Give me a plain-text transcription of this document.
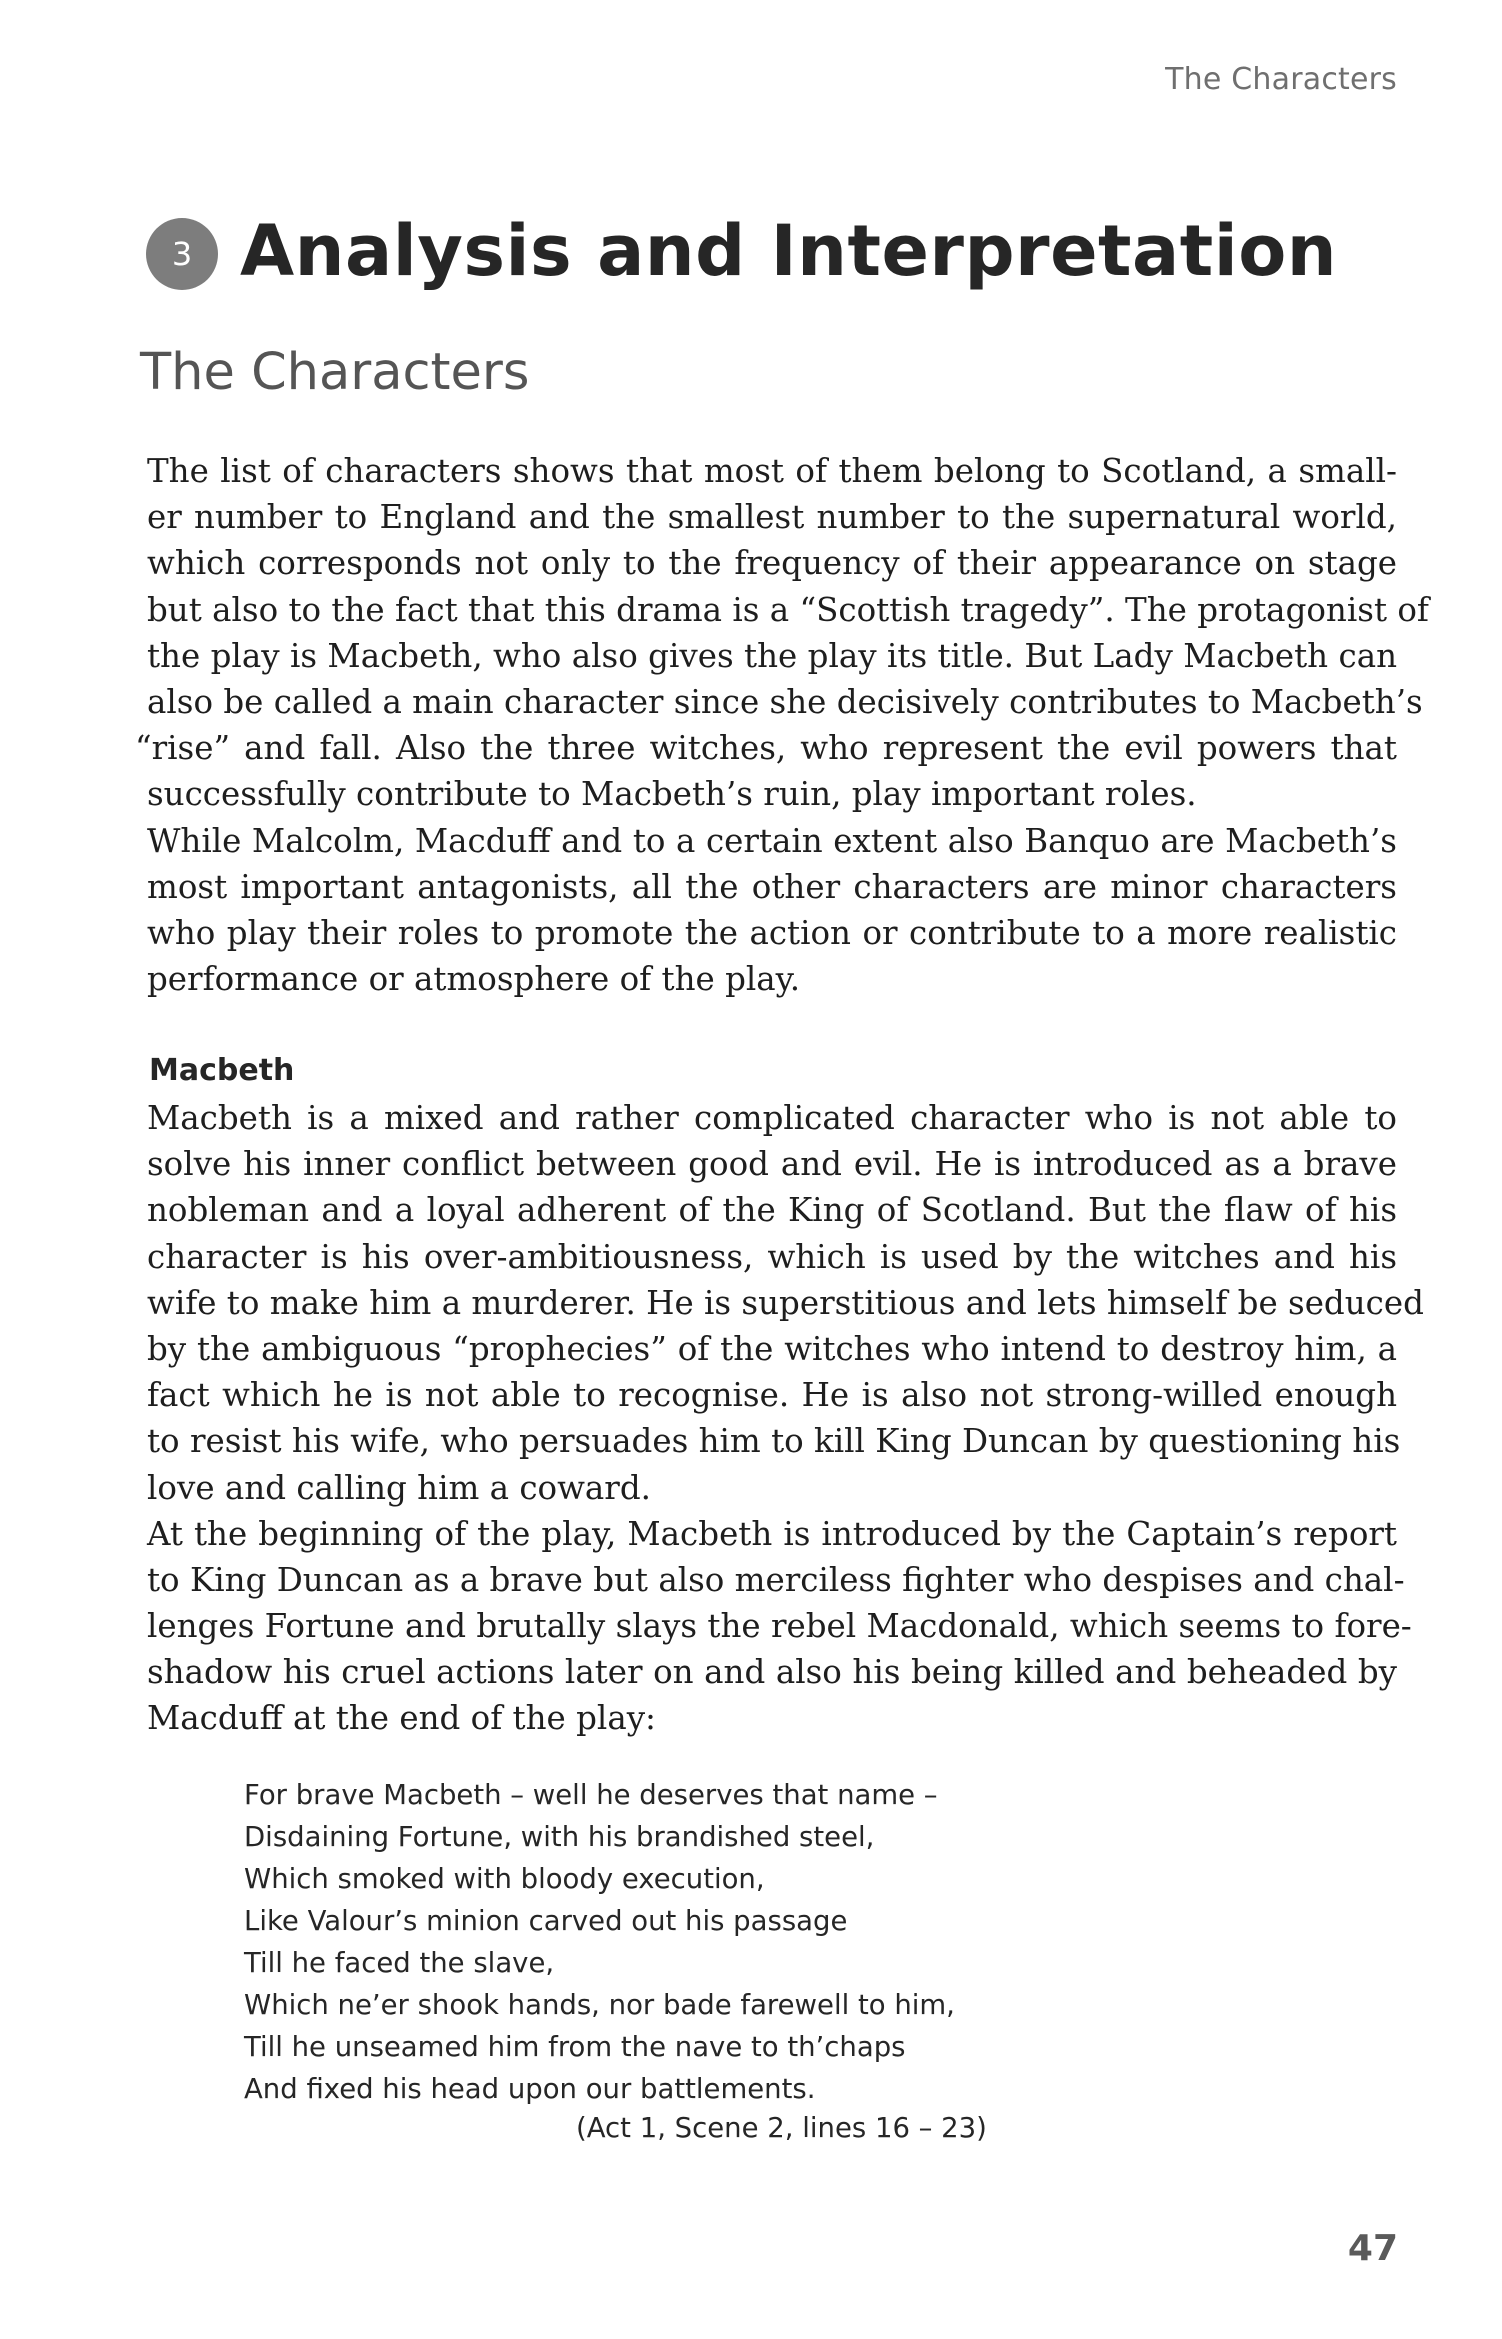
The Characters
3 Analysis and Interpretation
The Characters
The list of characters shows that most of them belong to Scotland, a small-
er number to England and the smallest number to the supernatural world,
which corresponds not only to the frequency of their appearance on stage
but also to the fact that this drama is a “Scottish tragedy”. The protagonist of
the play is Macbeth, who also gives the play its title. But Lady Macbeth can
also be called a main character since she decisively contributes to Macbeth’s
“rise” and fall. Also the three witches, who represent the evil powers that
successfully contribute to Macbeth’s ruin, play important roles.
While Malcolm, Macduff and to a certain extent also Banquo are Macbeth’s
most important antagonists, all the other characters are minor characters
who play their roles to promote the action or contribute to a more realistic
performance or atmosphere of the play.
Macbeth
Macbeth is a mixed and rather complicated character who is not able to
solve his inner conflict between good and evil. He is introduced as a brave
nobleman and a loyal adherent of the King of Scotland. But the flaw of his
character is his over-ambitiousness, which is used by the witches and his
wife to make him a murderer. He is superstitious and lets himself be seduced
by the ambiguous “prophecies” of the witches who intend to destroy him, a
fact which he is not able to recognise. He is also not strong-willed enough
to resist his wife, who persuades him to kill King Duncan by questioning his
love and calling him a coward.
At the beginning of the play, Macbeth is introduced by the Captain’s report
to King Duncan as a brave but also merciless fighter who despises and chal-
lenges Fortune and brutally slays the rebel Macdonald, which seems to fore-
shadow his cruel actions later on and also his being killed and beheaded by
Macduff at the end of the play:
For brave Macbeth – well he deserves that name –
Disdaining Fortune, with his brandished steel,
Which smoked with bloody execution,
Like Valour’s minion carved out his passage
Till he faced the slave,
Which ne’er shook hands, nor bade farewell to him,
Till he unseamed him from the nave to th’chaps
And fixed his head upon our battlements.
(Act 1, Scene 2, lines 16 – 23)
47
